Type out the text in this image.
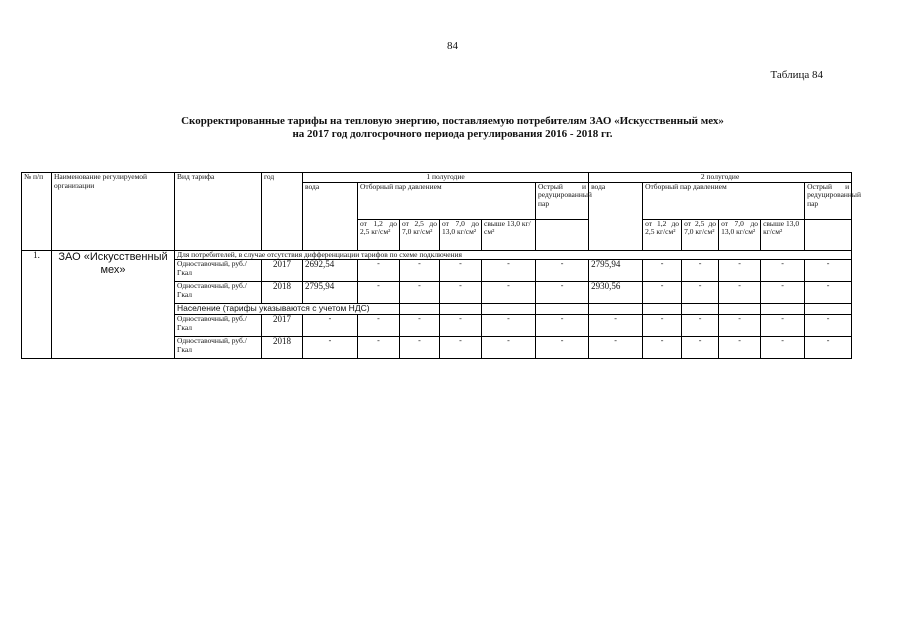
84
Таблица 84
Скорректированные тарифы на тепловую энергию, поставляемую потребителям ЗАО «Искусственный мех»
на 2017 год долгосрочного периода регулирования 2016 - 2018 гг.
№ п/п	Наименование регулируемой организации	Вид тарифа	год	1 полугодие						2 полугодие					
				вода	Отборный пар давлением				Острый и редуцированный пар	вода	Отборный пар давлением				Острый и редуцированный пар
					от 1,2 до 2,5 кг/см²	от 2,5 до 7,0 кг/см²	от 7,0 до 13,0 кг/см²	свыше 13,0 кг/см²			от 1,2 до 2,5 кг/см²	от 2,5 до 7,0 кг/см²	от 7,0 до 13,0 кг/см²	свыше 13,0 кг/см²	
1.	ЗАО «Искусственный мех»	Для потребителей, в случае отсутствия дифференциации тарифов по схеме подключения													
		Одноставочный, руб./Гкал	2017	2692,54	-	-	-	-	-	2795,94	-	-	-	-	-
		Одноставочный, руб./Гкал	2018	2795,94	-	-	-	-	-	2930,56	-	-	-	-	-
		Население (тарифы указываются с учетом НДС)													
		Одноставочный, руб./Гкал	2017	-	-	-	-	-	-	-	-	-	-	-	-
		Одноставочный, руб./Гкал	2018	-	-	-	-	-	-	-	-	-	-	-	-
